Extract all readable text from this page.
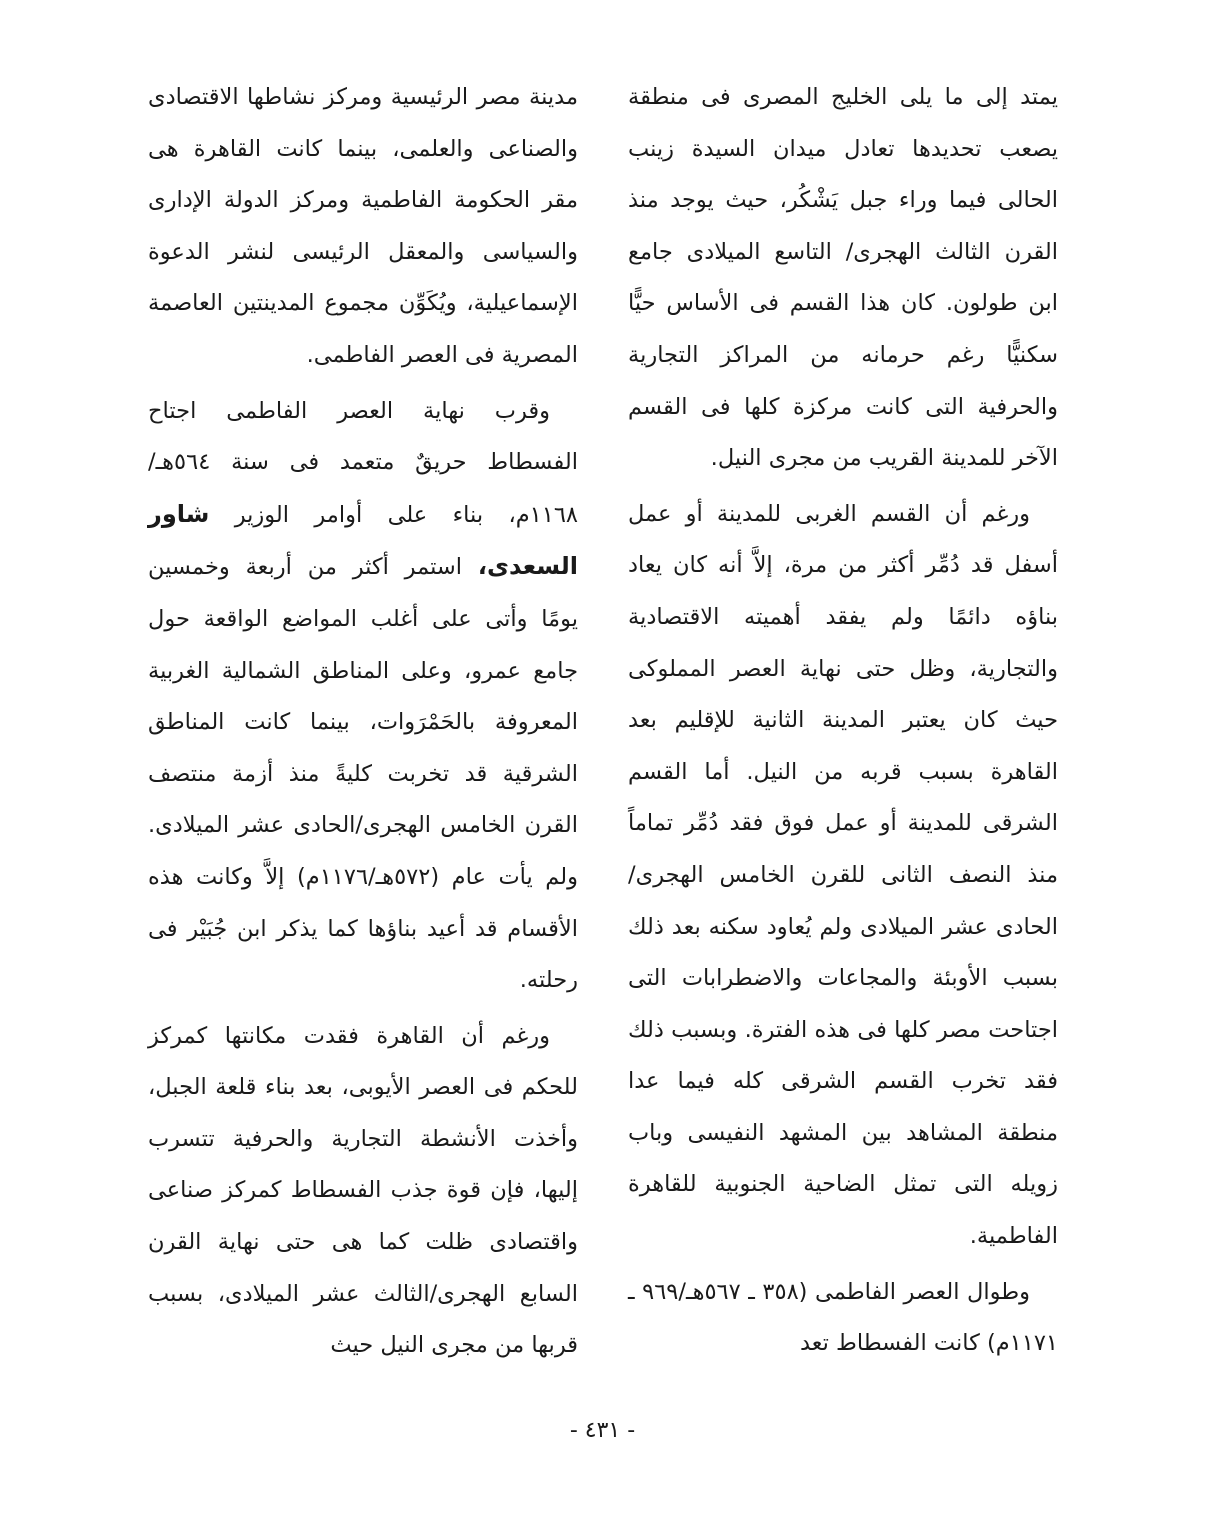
يمتد إلى ما يلى الخليج المصرى فى منطقة يصعب تحديدها تعادل ميدان السيدة زينب الحالى فيما وراء جبل يَشْكُر، حيث يوجد منذ القرن الثالث الهجرى/ التاسع الميلادى جامع ابن طولون. كان هذا القسم فى الأساس حيًّا سكنيًّا رغم حرمانه من المراكز التجارية والحرفية التى كانت مركزة كلها فى القسم الآخر للمدينة القريب من مجرى النيل.

ورغم أن القسم الغربى للمدينة أو عمل أسفل قد دُمِّر أكثر من مرة، إلاَّ أنه كان يعاد بناؤه دائمًا ولم يفقد أهميته الاقتصادية والتجارية، وظل حتى نهاية العصر المملوكى حيث كان يعتبر المدينة الثانية للإقليم بعد القاهرة بسبب قربه من النيل. أما القسم الشرقى للمدينة أو عمل فوق فقد دُمِّر تماماً منذ النصف الثانى للقرن الخامس الهجرى/ الحادى عشر الميلادى ولم يُعاود سكنه بعد ذلك بسبب الأوبئة والمجاعات والاضطرابات التى اجتاحت مصر كلها فى هذه الفترة. وبسبب ذلك فقد تخرب القسم الشرقى كله فيما عدا منطقة المشاهد بين المشهد النفيسى وباب زويله التى تمثل الضاحية الجنوبية للقاهرة الفاطمية.

وطوال العصر الفاطمى (٣٥٨ ـ ٥٦٧هـ/٩٦٩ ـ ١١٧١م) كانت الفسطاط تعد

مدينة مصر الرئيسية ومركز نشاطها الاقتصادى والصناعى والعلمى، بينما كانت القاهرة هى مقر الحكومة الفاطمية ومركز الدولة الإدارى والسياسى والمعقل الرئيسى لنشر الدعوة الإسماعيلية، ويُكَوِّن مجموع المدينتين العاصمة المصرية فى العصر الفاطمى.

وقرب نهاية العصر الفاطمى اجتاح الفسطاط حريقٌ متعمد فى سنة ٥٦٤هـ/١١٦٨م، بناء على أوامر الوزير شاور السعدى، استمر أكثر من أربعة وخمسين يومًا وأتى على أغلب المواضع الواقعة حول جامع عمرو، وعلى المناطق الشمالية الغربية المعروفة بالحَمْرَوات، بينما كانت المناطق الشرقية قد تخربت كليةً منذ أزمة منتصف القرن الخامس الهجرى/الحادى عشر الميلادى. ولم يأت عام (٥٧٢هـ/١١٧٦م) إلاَّ وكانت هذه الأقسام قد أعيد بناؤها كما يذكر ابن جُبَيْر فى رحلته.

ورغم أن القاهرة فقدت مكانتها كمركز للحكم فى العصر الأيوبى، بعد بناء قلعة الجبل، وأخذت الأنشطة التجارية والحرفية تتسرب إليها، فإن قوة جذب الفسطاط كمركز صناعى واقتصادى ظلت كما هى حتى نهاية القرن السابع الهجرى/الثالث عشر الميلادى، بسبب قربها من مجرى النيل حيث

- ٤٣١ -
